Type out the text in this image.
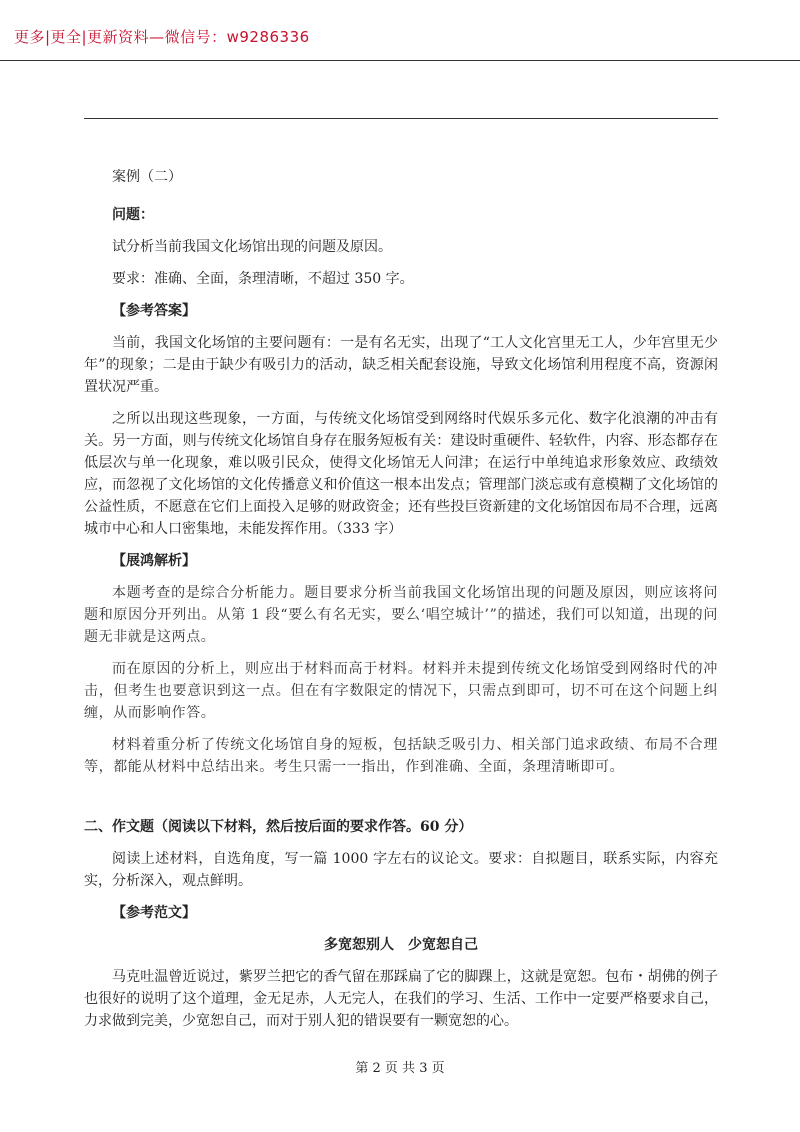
更多|更全|更新资料—微信号：w9286336

案例（二）

问题：

试分析当前我国文化场馆出现的问题及原因。

要求：准确、全面，条理清晰，不超过 350 字。

【参考答案】

当前，我国文化场馆的主要问题有：一是有名无实，出现了“工人文化宫里无工人，少年宫里无少年”的现象；二是由于缺少有吸引力的活动，缺乏相关配套设施，导致文化场馆利用程度不高，资源闲置状况严重。

之所以出现这些现象，一方面，与传统文化场馆受到网络时代娱乐多元化、数字化浪潮的冲击有关。另一方面，则与传统文化场馆自身存在服务短板有关：建设时重硬件、轻软件，内容、形态都存在低层次与单一化现象，难以吸引民众，使得文化场馆无人问津；在运行中单纯追求形象效应、政绩效应，而忽视了文化场馆的文化传播意义和价值这一根本出发点；管理部门淡忘或有意模糊了文化场馆的公益性质，不愿意在它们上面投入足够的财政资金；还有些投巨资新建的文化场馆因布局不合理，远离城市中心和人口密集地，未能发挥作用。（333 字）

【展鸿解析】

本题考查的是综合分析能力。题目要求分析当前我国文化场馆出现的问题及原因，则应该将问题和原因分开列出。从第 1 段“要么有名无实，要么‘唱空城计’”的描述，我们可以知道，出现的问题无非就是这两点。

而在原因的分析上，则应出于材料而高于材料。材料并未提到传统文化场馆受到网络时代的冲击，但考生也要意识到这一点。但在有字数限定的情况下，只需点到即可，切不可在这个问题上纠缠，从而影响作答。

材料着重分析了传统文化场馆自身的短板，包括缺乏吸引力、相关部门追求政绩、布局不合理等，都能从材料中总结出来。考生只需一一指出，作到准确、全面，条理清晰即可。

二、作文题（阅读以下材料，然后按后面的要求作答。60 分）

阅读上述材料，自选角度，写一篇 1000 字左右的议论文。要求：自拟题目，联系实际，内容充实，分析深入，观点鲜明。

【参考范文】

多宽恕别人　少宽恕自己

马克吐温曾近说过，紫罗兰把它的香气留在那踩扁了它的脚踝上，这就是宽恕。包布・胡佛的例子也很好的说明了这个道理，金无足赤，人无完人，在我们的学习、生活、工作中一定要严格要求自己，力求做到完美，少宽恕自己，而对于别人犯的错误要有一颗宽恕的心。

第 2 页 共 3 页
